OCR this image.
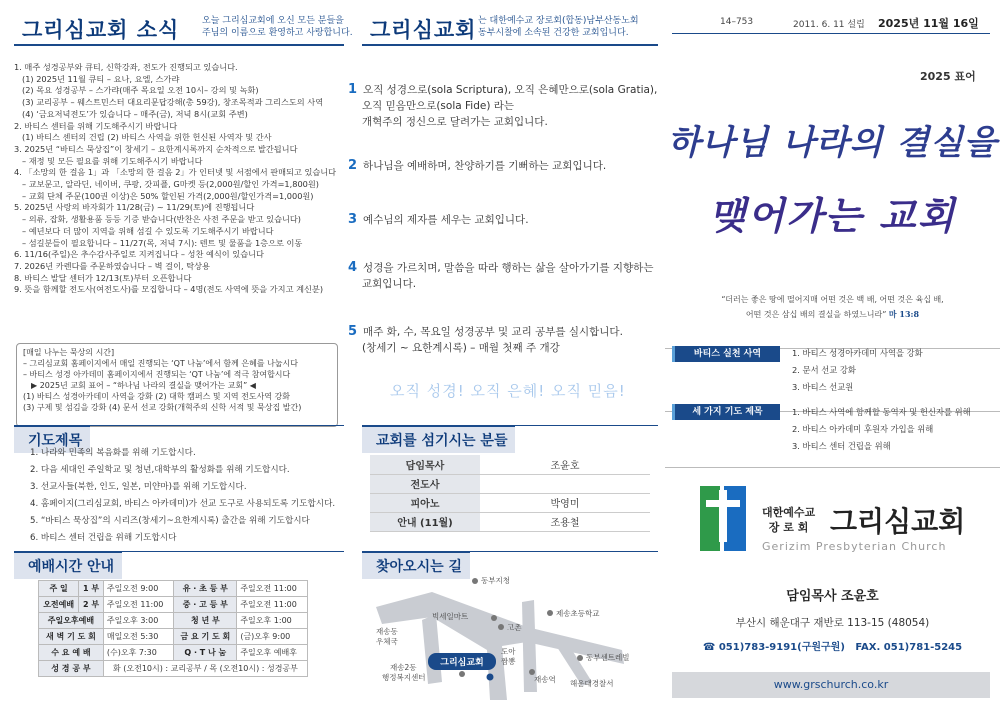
그리심교회 소식	오늘 그리심교회에 오신 모든 분들을
주님의 이름으로 환영하고 사랑합니다.
1. 매주 성경공부와 큐티, 신학강좌, 전도가 진행되고 있습니다.
(1) 2025년 11월 큐티 – 요나, 요엘, 스가랴
(2) 목요 성경공부 – 스가랴(매주 목요일 오전 10시– 강의 및 녹화)
(3) 교리공부 – 웨스트민스터 대요리문답강해(총 59강), 창조목적과 그리스도의 사역
(4) ‘금요저녁전도’가 있습니다 – 매주(금), 저녁 8시(교회 주변)
2. 바티스 센터를 위해 기도해주시기 바랍니다
(1) 바티스 센터의 건립 (2) 바티스 사역을 위한 헌신된 사역자 및 간사
3. 2025년 “바티스 묵상집”이 창세기 – 요한계시록까지 순차적으로 발간됩니다
– 재정 및 모든 필요를 위해 기도해주시기 바랍니다
4. 「소망의 한 걸음 1」과 「소망의 한 걸음 2」가 인터넷 및 서점에서 판매되고 있습니다
– 교보문고, 알라딘, 네이버, 쿠팡, 갓피플, G마켓 등(2,000원/할인 가격=1,800원)
– 교회 단체 주문(100권 이상)은 50% 할인된 가격(2,000원/할인가격=1,000원)
5. 2025년 사랑의 바자회가 11/28(금) ~ 11/29(토)에 진행됩니다
– 의류, 잡화, 생활용품 등등 기증 받습니다(반찬은 사전 주문을 받고 있습니다)
– 예년보다 더 많이 지역을 위해 섬길 수 있도록 기도해주시기 바랍니다
– 섬길분들이 필요합니다 – 11/27(목, 저녁 7시): 텐트 및 물품을 1층으로 이동
6. 11/16(주일)은 추수감사주일로 지켜집니다 – 성찬 예식이 있습니다
7. 2026년 카렌다를 주문하였습니다 – 벽 걸이, 탁상용
8. 바티스 발달 센터가 12/13(토)부터 오픈합니다
9. 뜻을 함께할 전도사(여전도사)를 모집합니다 – 4명(전도 사역에 뜻을 가지고 계신분)
[매일 나누는 묵상의 시간]
– 그리심교회 홈페이지에서 매일 진행되는 ‘QT 나눔’에서 함께 은혜를 나눕시다
– 바티스 성경 아카데미 홈페이지에서 진행되는 ‘QT 나눔’에 적극 참여합시다
▶ 2025년 교회 표어 – “하나님 나라의 결실을 맺어가는 교회” ◀
(1) 바티스 성경아카데미 사역을 강화 (2) 대학 캠퍼스 및 지역 전도사역 강화
(3) 구제 및 섬김을 강화 (4) 문서 선교 강화(개혁주의 신학 서적 및 묵상집 발간)
기도제목
1. 나라와 민족의 복음화를 위해 기도합시다.
2. 다음 세대인 주일학교 및 청년,대학부의 활성화를 위해 기도합시다.
3. 선교사들(북한, 인도, 일본, 미얀마)를 위해 기도합시다.
4. 홈페이지(그리심교회, 바티스 아카데미)가 선교 도구로 사용되도록 기도합시다.
5. “바티스 묵상집”의 시리즈(창세기~요한계시록) 출간을 위해 기도합시다
6. 바티스 센터 건립을 위해 기도합시다
예배시간 안내
주 일	1 부	주일오전 9:00	유 · 초 등 부	주일오전 11:00
오전예배	2 부	주일오전 11:00	중 · 고 등 부	주일오전 11:00
주일오후예배		주일오후 3:00	청 년 부	주일오후 1:00
새 벽 기 도 회		매일오전 5:30	금 요 기 도 회	(금)오후 9:00
수 요 예 배		(수)오후 7:30	Q · T 나 눔	주일오후 예배후
성 경 공 부		화 (오전10시) : 교리공부 / 목 (오전10시) : 성경공부		
그리심교회 는 대한예수교 장로회(합동)남부산동노회
동부시찰에 소속된 건강한 교회입니다.
1 오직 성경으로(sola Scriptura), 오직 은혜만으로(sola Gratia),
오직 믿음만으로(sola Fide) 라는
개혁주의 정신으로 달려가는 교회입니다.
2 하나님을 예배하며, 찬양하기를 기뻐하는 교회입니다.
3 예수님의 제자를 세우는 교회입니다.
4 성경을 가르치며, 말씀을 따라 행하는 삶을 살아가기를 지향하는
교회입니다.
5 매주 화, 수, 목요일 성경공부 및 교리 공부를 실시합니다.
(창세기 ~ 요한계시록) – 매월 첫째 주 개강
오직 성경! 오직 은혜! 오직 믿음!
교회를 섬기시는 분들
담임목사	조윤호
전도사	
피아노	박영미
안내 (11월)	조용철
찾아오시는 길
동부지청
빅세일마트	제송초등학교
재송동
우체국
고촌
도아
짬뽕	동부센트레빌
재송2동
행정복지센터	재송역 해운대경찰서
그리심교회
14–753	2011. 6. 11 설립 2025년 11월 16일
2025 표어
하나님 나라의 결실을
맺어가는 교회
“더러는 좋은 땅에 떨어지매 어떤 것은 백 배, 어떤 것은 육십 배,
어떤 것은 삼십 배의 결실을 하였느니라” 마 13:8
바티스 실천 사역	1. 바티스 성경아카데미 사역을 강화
2. 문서 선교 강화
3. 바티스 선교원
세 가지 기도 제목	1. 바티스 사역에 함께할 동역자 및 헌신자를 위해
2. 바티스 아카데미 후원자 가입을 위해
3. 바티스 센터 건립을 위해
대한예수교
장 로 회 그리심교회
Gerizim Presbyterian Church
담임목사 조윤호
부산시 해운대구 재반로 113-15 (48054)
☎ 051)783-9191(구원구원) FAX. 051)781-5245
www.grschurch.co.kr
